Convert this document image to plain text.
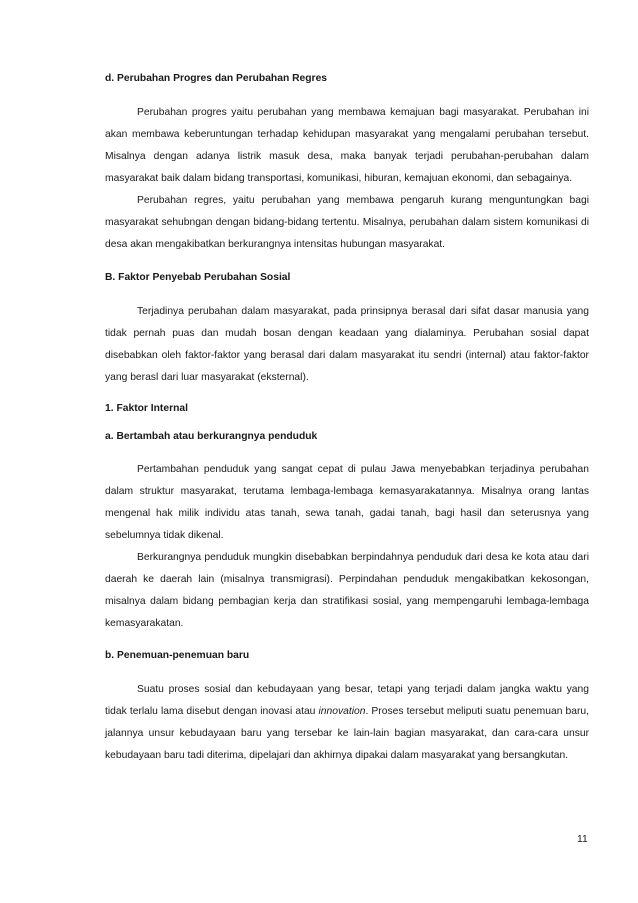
d. Perubahan Progres dan Perubahan Regres

Perubahan progres yaitu perubahan yang membawa kemajuan bagi masyarakat. Perubahan ini akan membawa keberuntungan terhadap kehidupan masyarakat yang mengalami perubahan tersebut. Misalnya dengan adanya listrik masuk desa, maka banyak terjadi perubahan-perubahan dalam masyarakat baik dalam bidang transportasi, komunikasi, hiburan, kemajuan ekonomi, dan sebagainya.

Perubahan regres, yaitu perubahan yang membawa pengaruh kurang menguntungkan bagi masyarakat sehubngan dengan bidang-bidang tertentu. Misalnya, perubahan dalam sistem komunikasi di desa akan mengakibatkan berkurangnya intensitas hubungan masyarakat.

B. Faktor Penyebab Perubahan Sosial

Terjadinya perubahan dalam masyarakat, pada prinsipnya berasal dari sifat dasar manusia yang tidak pernah puas dan mudah bosan dengan keadaan yang dialaminya. Perubahan sosial dapat disebabkan oleh faktor-faktor yang berasal dari dalam masyarakat itu sendri (internal) atau faktor-faktor yang berasl dari luar masyarakat (eksternal).

1. Faktor Internal
a. Bertambah atau berkurangnya penduduk

Pertambahan penduduk yang sangat cepat di pulau Jawa menyebabkan terjadinya perubahan dalam struktur masyarakat, terutama lembaga-lembaga kemasyarakatannya. Misalnya orang lantas mengenal hak milik individu atas tanah, sewa tanah, gadai tanah, bagi hasil dan seterusnya yang sebelumnya tidak dikenal.

Berkurangnya penduduk mungkin disebabkan berpindahnya penduduk dari desa ke kota atau dari daerah ke daerah lain (misalnya transmigrasi). Perpindahan penduduk mengakibatkan kekosongan, misalnya dalam bidang pembagian kerja dan stratifikasi sosial, yang mempengaruhi lembaga-lembaga kemasyarakatan.

b. Penemuan-penemuan baru

Suatu proses sosial dan kebudayaan yang besar, tetapi yang terjadi dalam jangka waktu yang tidak terlalu lama disebut dengan inovasi atau innovation. Proses tersebut meliputi suatu penemuan baru, jalannya unsur kebudayaan baru yang tersebar ke lain-lain bagian masyarakat, dan cara-cara unsur kebudayaan baru tadi diterima, dipelajari dan akhirnya dipakai dalam masyarakat yang bersangkutan.

11
